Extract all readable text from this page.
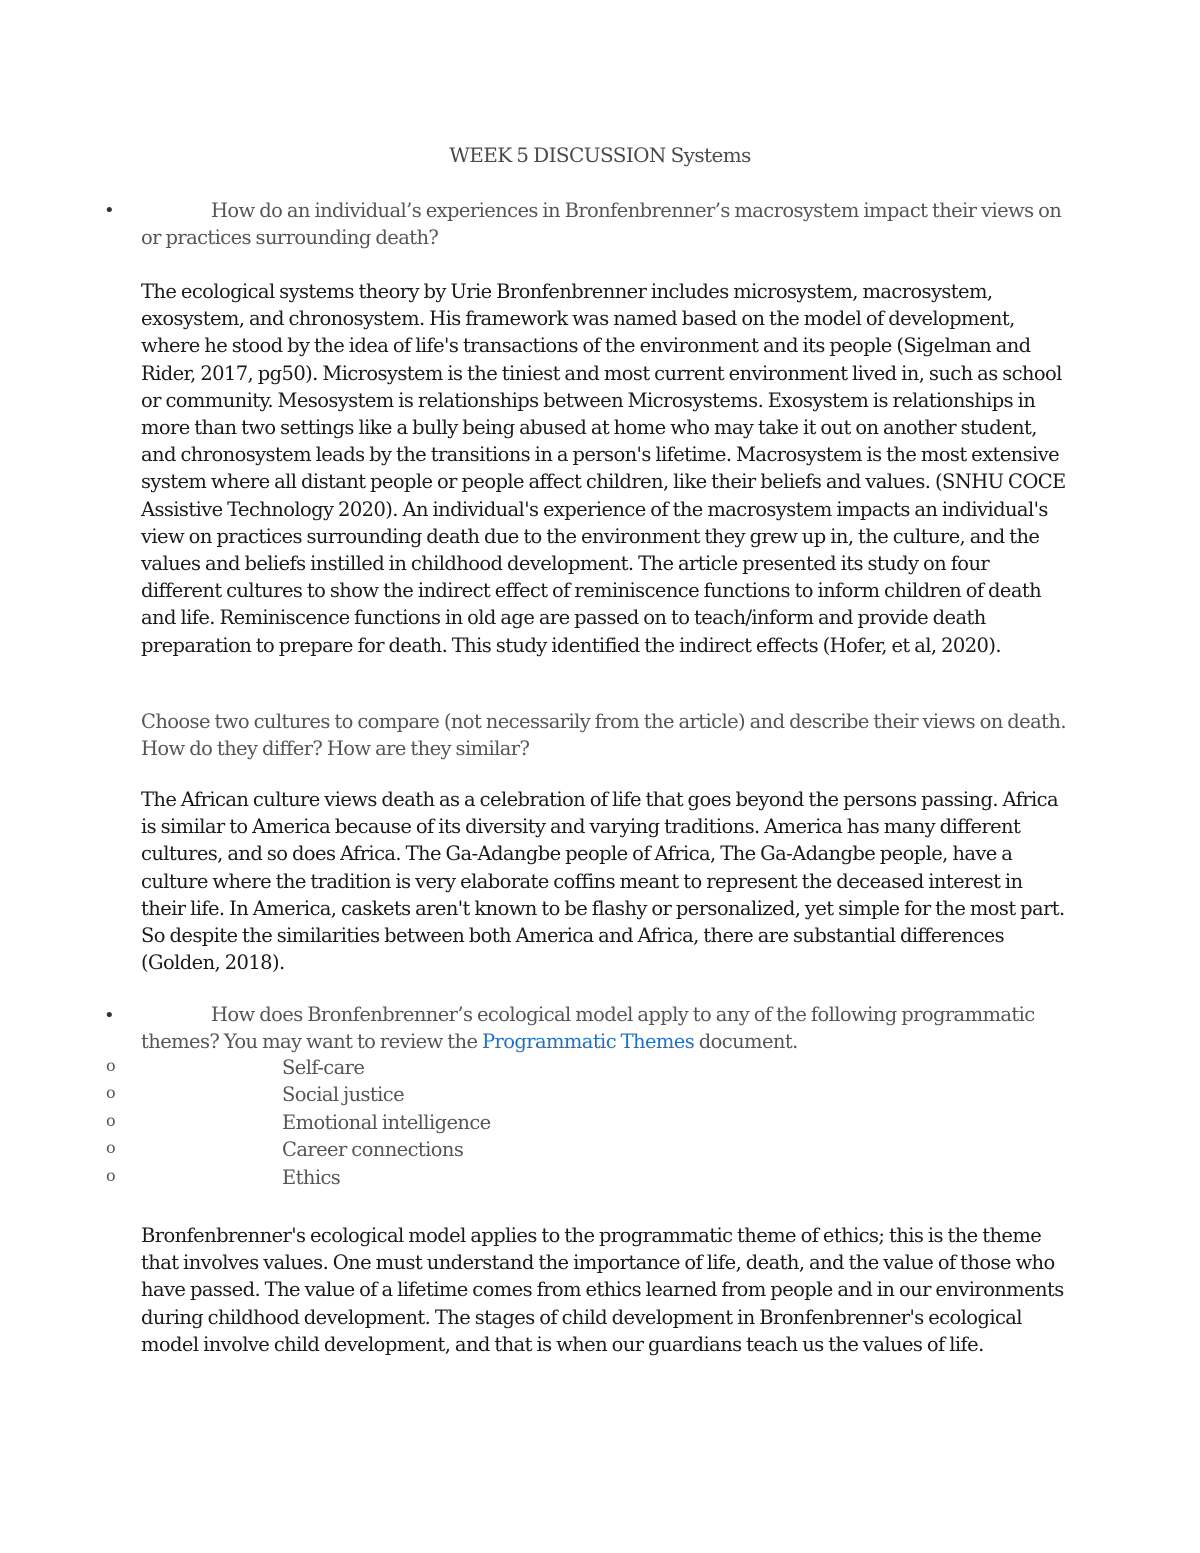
WEEK 5 DISCUSSION Systems
•	How do an individual’s experiences in Bronfenbrenner’s macrosystem impact their views on or practices surrounding death?

The ecological systems theory by Urie Bronfenbrenner includes microsystem, macrosystem, exosystem, and chronosystem. His framework was named based on the model of development, where he stood by the idea of life's transactions of the environment and its people (Sigelman and Rider, 2017, pg50). Microsystem is the tiniest and most current environment lived in, such as school or community. Mesosystem is relationships between Microsystems. Exosystem is relationships in more than two settings like a bully being abused at home who may take it out on another student, and chronosystem leads by the transitions in a person's lifetime. Macrosystem is the most extensive system where all distant people or people affect children, like their beliefs and values. (SNHU COCE Assistive Technology 2020). An individual's experience of the macrosystem impacts an individual's view on practices surrounding death due to the environment they grew up in, the culture, and the values and beliefs instilled in childhood development. The article presented its study on four different cultures to show the indirect effect of reminiscence functions to inform children of death and life. Reminiscence functions in old age are passed on to teach/inform and provide death preparation to prepare for death. This study identified the indirect effects (Hofer, et al, 2020).

Choose two cultures to compare (not necessarily from the article) and describe their views on death. How do they differ? How are they similar?

The African culture views death as a celebration of life that goes beyond the persons passing. Africa is similar to America because of its diversity and varying traditions. America has many different cultures, and so does Africa. The Ga-Adangbe people of Africa, The Ga-Adangbe people, have a culture where the tradition is very elaborate coffins meant to represent the deceased interest in their life. In America, caskets aren't known to be flashy or personalized, yet simple for the most part. So despite the similarities between both America and Africa, there are substantial differences (Golden, 2018).

•	How does Bronfenbrenner’s ecological model apply to any of the following programmatic themes? You may want to review the Programmatic Themes document.

o	Self-care
o	Social justice
o	Emotional intelligence
o	Career connections
o	Ethics

Bronfenbrenner's ecological model applies to the programmatic theme of ethics; this is the theme that involves values. One must understand the importance of life, death, and the value of those who have passed. The value of a lifetime comes from ethics learned from people and in our environments during childhood development. The stages of child development in Bronfenbrenner's ecological model involve child development, and that is when our guardians teach us the values of life.
